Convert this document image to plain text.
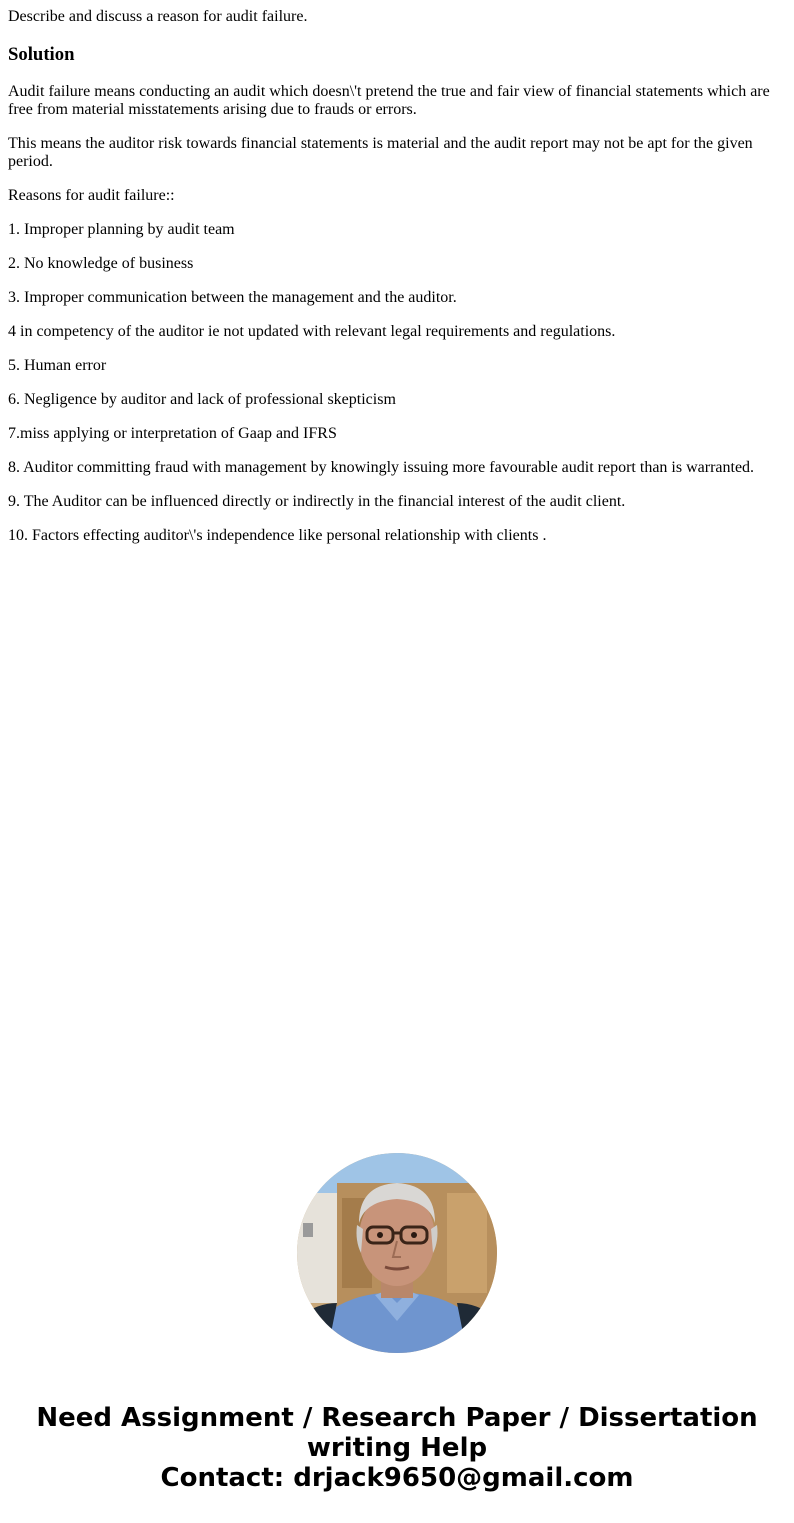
Describe and discuss a reason for audit failure.
Solution

Audit failure means conducting an audit which doesn\'t pretend the true and fair view of financial statements which are free from material misstatements arising due to frauds or errors.

This means the auditor risk towards financial statements is material and the audit report may not be apt for the given period.

Reasons for audit failure::

1. Improper planning by audit team

2. No knowledge of business

3. Improper communication between the management and the auditor.

4 in competency of the auditor ie not updated with relevant legal requirements and regulations.

5. Human error

6. Negligence by auditor and lack of professional skepticism

7.miss applying or interpretation of Gaap and IFRS

8. Auditor committing fraud with management by knowingly issuing more favourable audit report than is warranted.

9. The Auditor can be influenced directly or indirectly in the financial interest of the audit client.

10. Factors effecting auditor\'s independence like personal relationship with clients .

Need Assignment / Research Paper / Dissertation
writing Help
Contact: drjack9650@gmail.com
